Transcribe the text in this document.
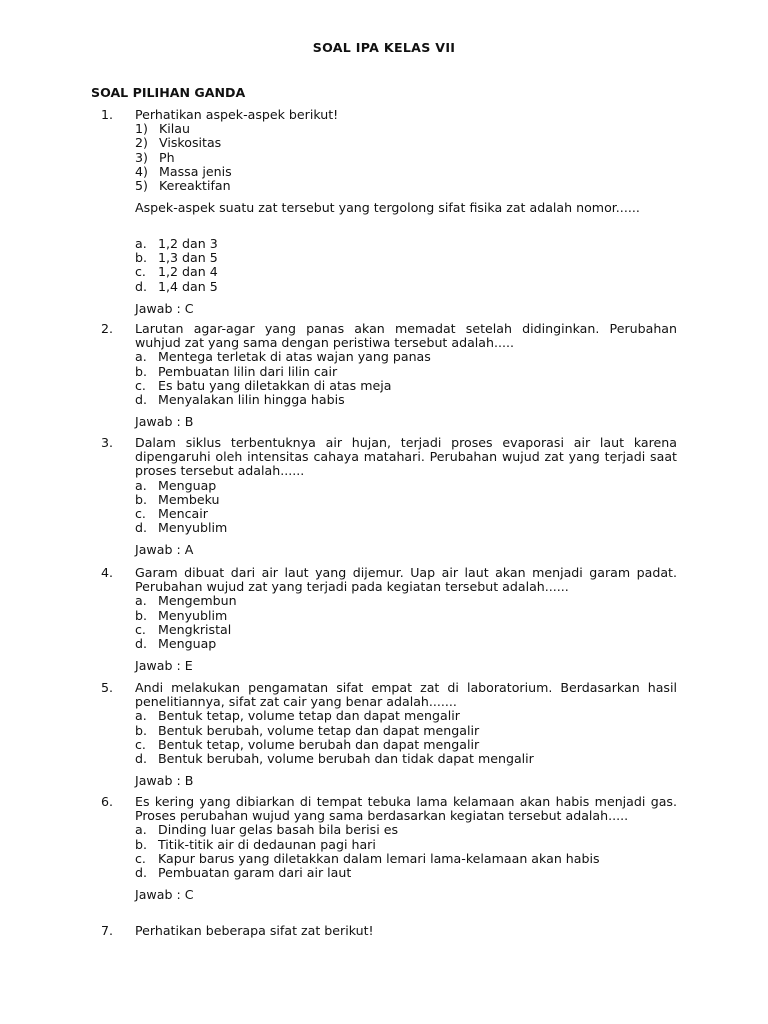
SOAL IPA KELAS VII
SOAL PILIHAN GANDA
1. Perhatikan aspek-aspek berikut!
1) Kilau
2) Viskositas
3) Ph
4) Massa jenis
5) Kereaktifan
Aspek-aspek suatu zat tersebut yang tergolong sifat fisika zat adalah nomor......
a. 1,2 dan 3
b. 1,3 dan 5
c. 1,2 dan 4
d. 1,4 dan 5
Jawab : C
2. Larutan agar-agar yang panas akan memadat setelah didinginkan. Perubahan wuhjud zat yang sama dengan peristiwa tersebut adalah.....
a. Mentega terletak di atas wajan yang panas
b. Pembuatan lilin dari lilin cair
c. Es batu yang diletakkan di atas meja
d. Menyalakan lilin hingga habis
Jawab : B
3. Dalam siklus terbentuknya air hujan, terjadi proses evaporasi air laut karena dipengaruhi oleh intensitas cahaya matahari. Perubahan wujud zat yang terjadi saat proses tersebut adalah......
a. Menguap
b. Membeku
c. Mencair
d. Menyublim
Jawab : A
4. Garam dibuat dari air laut yang dijemur. Uap air laut akan menjadi garam padat. Perubahan wujud zat yang terjadi pada kegiatan tersebut adalah......
a. Mengembun
b. Menyublim
c. Mengkristal
d. Menguap
Jawab : E
5. Andi melakukan pengamatan sifat empat zat di laboratorium. Berdasarkan hasil penelitiannya, sifat zat cair yang benar adalah.......
a. Bentuk tetap, volume tetap dan dapat mengalir
b. Bentuk berubah, volume tetap dan dapat mengalir
c. Bentuk tetap, volume berubah dan dapat mengalir
d. Bentuk berubah, volume berubah dan tidak dapat mengalir
Jawab : B
6. Es kering yang dibiarkan di tempat tebuka lama kelamaan akan habis menjadi gas. Proses perubahan wujud yang sama berdasarkan kegiatan tersebut adalah.....
a. Dinding luar gelas basah bila berisi es
b. Titik-titik air di dedaunan pagi hari
c. Kapur barus yang diletakkan dalam lemari lama-kelamaan akan habis
d. Pembuatan garam dari air laut
Jawab : C
7. Perhatikan beberapa sifat zat berikut!
